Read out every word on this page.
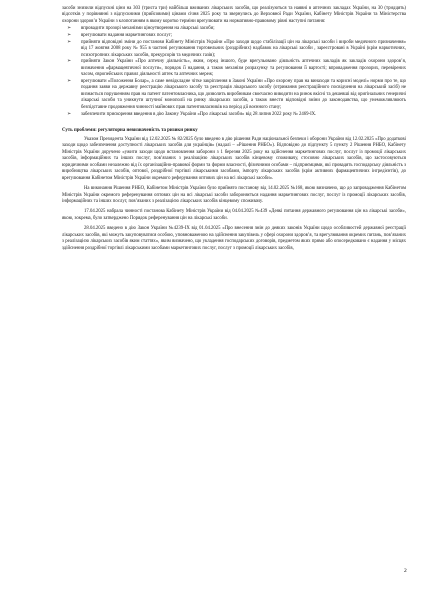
засоби знизили відпускні ціни на 303 (триста три) найбільш вживаних лікарських засобів, що реалізуються та наявні в аптечних закладах України, на 30 (тридцять) відсотків у порівнянні з відпускними (прийсовими) цінами січня 2025 року та звернулись до Верховної Ради України, Кабінету Міністрів України та Міністерства охорони здоров’я України з клопотанням в якому коротко терміни врегулювати на нормативно-правовому рівні наступні питання:

➢ впровадити прозорі механізми ціноутворення на лікарські засоби;
➢ врегулювати надання маркетингових послуг;
➢ прийняти відповідні зміни до постанови Кабінету Міністрів України «Про заходи щодо стабілізації цін на лікарські засоби і вироби медичного призначення» від 17 жовтня 2008 року № 955 в частині регулювання торговельних (роздрібних) надбавок на лікарські засоби , зареєстровані в Україні (крім наркотичних, психотропних лікарських засобів, прекурсорів та медичних газів);
➢ прийняти Закон України «Про аптечну діяльність», яким, серед іншого, буде врегульовано діяльність аптечних закладів як закладів охорони здоров’я, визначення «фармацевтичної послуги», порядок її надання, а також механізм розрахунку та регулювання її вартості; впровадження прозорих, перевірених часом, європейських правил діяльності аптек та аптечних мереж;
➢ врегулювати «Положення Болар», а саме невідкладне чітке закріплення в Законі України «Про охорону прав на винаходи та корисні моделі» норми про те, що подання заяви на державну реєстрацію лікарського засобу та реєстрація лікарського засобу (отримання реєстраційного посвідчення на лікарський засіб) не визнається порушенням прав на патент патентовласника, що дозволить виробникам своєчасно виводити на ринок вкісні та дешевші від оригінальних генеричні лікарські засоби та уникнути штучної монополії на ринку лікарських засобів, а також внести відповідні зміни до законодавства, що унеможливлюють безпідставне продовження чинності майнових прав патентовласників на період дії воєнного стану;
➢ забезпечити прискорення введення в дію Закону України «Про лікарські засоби» від 28 липня 2022 року № 2469-IX.

Суть проблеми: регуляторна невизначеність та ризики ринку

Указом Президента України від 12.02.2025 № 82/2025 було введено в дію рішення Ради національної безпеки і оборони України від 12.02.2025 «Про додаткові заходи щодо забезпечення доступності лікарських засобів для українців» (надалі – «Рішення РНБО»). Відповідно до підпункту 5 пункту 2 Рішення РНБО, Кабінету Міністрів України доручено «ужити заходи щодо встановлення заборони з 1 березня 2025 року на здійснення маркетингових послуг, послуг із промоції лікарських засобів, інформаційних та інших послуг, пов’язаних з реалізацією лікарських засобів кінцевому споживачу, стосовно лікарських засобів, що застосовуються юридичними особами незалежно від їх організаційно-правової форми та форми власності, фізичними особами – підприємцями, які провадять господарську діяльність з виробництва лікарських засобів, оптової, роздрібної торгівлі лікарськими засобами, імпорту лікарських засобів (крім активних фармацевтичних інгредієнтів), до врегулювання Кабінетом Міністрів України окремого реферування оптових цін на всі лікарські засоби».

На виконання Рішення РНБО, Кабінетом Міністрів України було прийнято постанову від 14.02.2025 №168, якою визначено, що до запровадження Кабінетом Міністрів України окремого референування оптових цін на всі лікарські засоби забороняється надання маркетингових послуг, послуг із промоції лікарських засобів, інформаційних та інших послуг, пов’язаних з реалізацією лікарських засобів кінцевому споживачу.

17.04.2025 набрала чинності постанова Кабінету Міністрів України від 04.04.2025 №439 «Деякі питання державного регулювання цін на лікарські засоби», якою, зокрема, було затверджено Порядок референування цін на лікарські засоби.

28.04.2025 введено в дію Закон України №4239-IX від 01.04.2025 «Про внесення змін до деяких законів України щодо особливостей державної реєстрації лікарських засобів, які можуть закуповуватися особою, уповноваженою на здійснення закупівель у сфері охорони здоров’я, та врегулювання окремих питань, пов’язаних з реалізацією лікарських засобів яким статтях», яким визначено, що укладення господарських договорів, предметом яких прямо або опосередковано є надання у місцях здійснення роздрібної торгівлі лікарськими засобами маркетингових послуг, послуг з промоції лікарських засобів,

2
